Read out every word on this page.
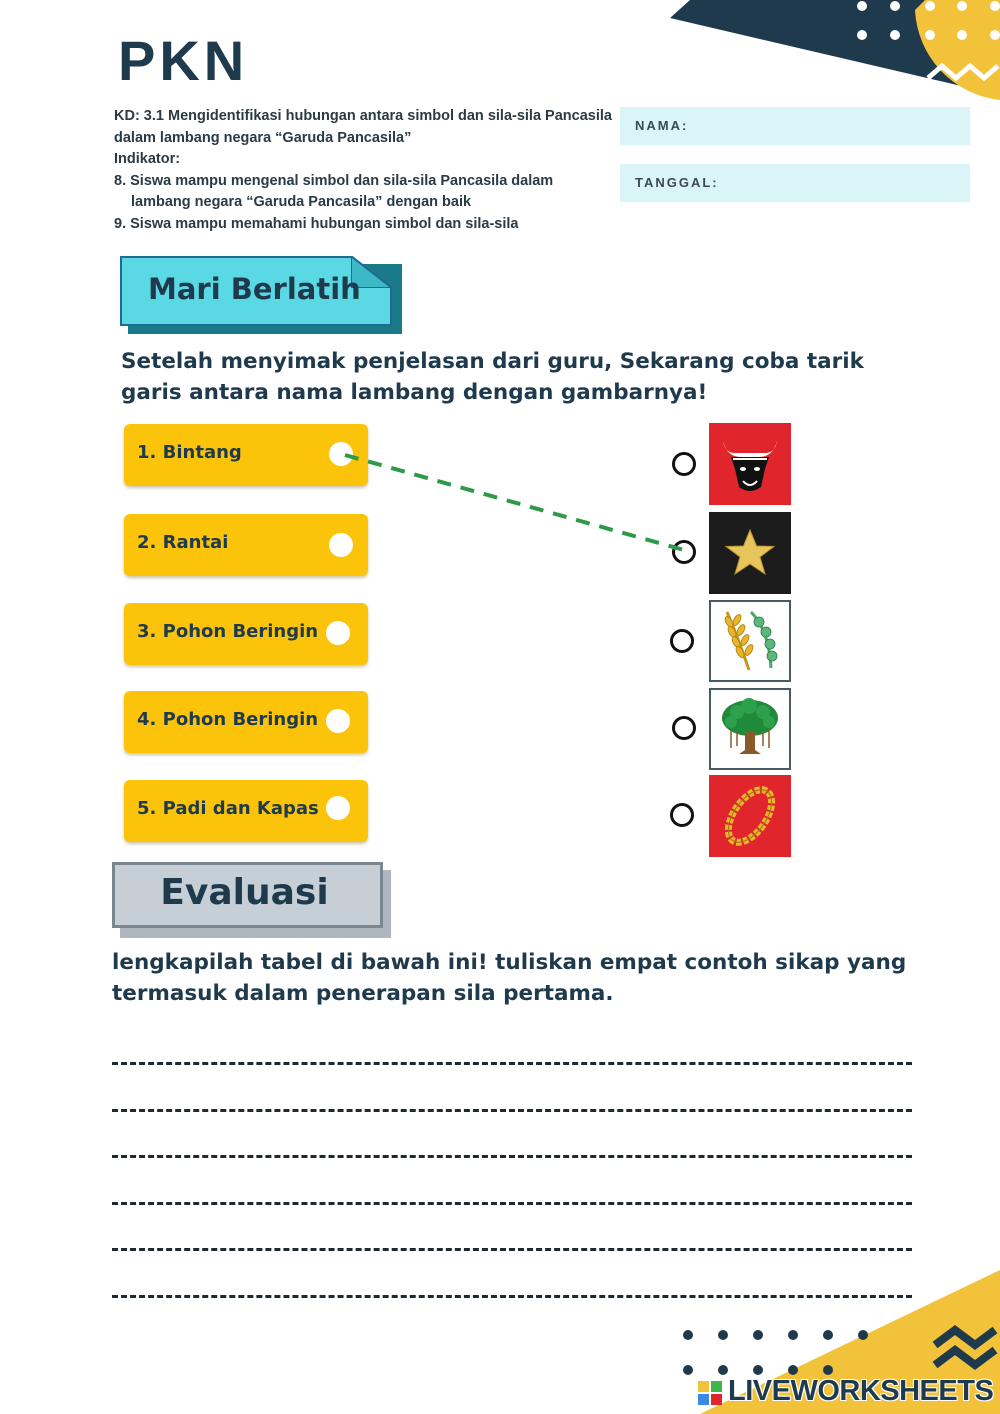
PKN
KD: 3.1 Mengidentifikasi hubungan antara simbol dan sila-sila Pancasila dalam lambang negara “Garuda Pancasila”
Indikator:
8. Siswa mampu mengenal simbol dan sila-sila Pancasila dalam lambang negara “Garuda Pancasila” dengan baik
9. Siswa mampu memahami hubungan simbol dan sila-sila
NAMA:
TANGGAL:
Mari Berlatih
Setelah menyimak penjelasan dari guru, Sekarang coba tarik garis antara nama lambang dengan gambarnya!
1. Bintang
2. Rantai
3. Pohon Beringin
4. Pohon Beringin
5. Padi dan Kapas
Evaluasi
lengkapilah tabel di bawah ini! tuliskan empat contoh sikap yang termasuk dalam penerapan sila pertama.
LIVEWORKSHEETS
